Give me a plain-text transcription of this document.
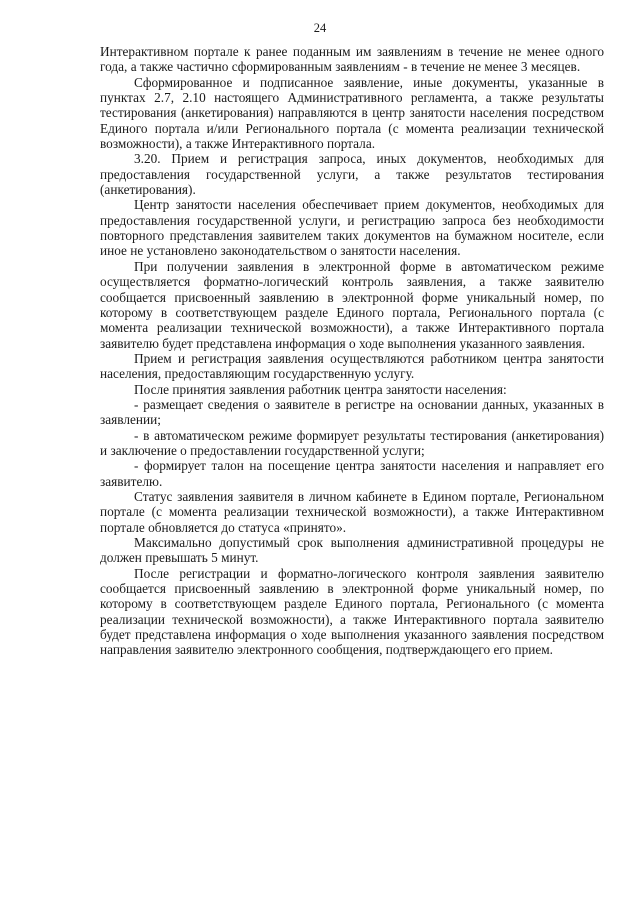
24

Интерактивном портале к ранее поданным им заявлениям в течение не менее одного года, а также частично сформированным заявлениям - в течение не менее 3 месяцев.

Сформированное и подписанное заявление, иные документы, указанные в пунктах 2.7, 2.10 настоящего Административного регламента, а также результаты тестирования (анкетирования) направляются в центр занятости населения посредством Единого портала и/или Регионального портала (с момента реализации технической возможности), а также Интерактивного портала.

3.20. Прием и регистрация запроса, иных документов, необходимых для предоставления государственной услуги, а также результатов тестирования (анкетирования).

Центр занятости населения обеспечивает прием документов, необходимых для предоставления государственной услуги, и регистрацию запроса без необходимости повторного представления заявителем таких документов на бумажном носителе, если иное не установлено законодательством о занятости населения.

При получении заявления в электронной форме в автоматическом режиме осуществляется форматно-логический контроль заявления, а также заявителю сообщается присвоенный заявлению в электронной форме уникальный номер, по которому в соответствующем разделе Единого портала, Регионального портала (с момента реализации технической возможности), а также Интерактивного портала заявителю будет представлена информация о ходе выполнения указанного заявления.

Прием и регистрация заявления осуществляются работником центра занятости населения, предоставляющим государственную услугу.

После принятия заявления работник центра занятости населения:

- размещает сведения о заявителе в регистре на основании данных, указанных в заявлении;

- в автоматическом режиме формирует результаты тестирования (анкетирования) и заключение о предоставлении государственной услуги;

- формирует талон на посещение центра занятости населения и направляет его заявителю.

Статус заявления заявителя в личном кабинете в Едином портале, Региональном портале (с момента реализации технической возможности), а также Интерактивном портале обновляется до статуса «принято».

Максимально допустимый срок выполнения административной процедуры не должен превышать 5 минут.

После регистрации и форматно-логического контроля заявления заявителю сообщается присвоенный заявлению в электронной форме уникальный номер, по которому в соответствующем разделе Единого портала, Регионального (с момента реализации технической возможности), а также Интерактивного портала заявителю будет представлена информация о ходе выполнения указанного заявления посредством направления заявителю электронного сообщения, подтверждающего его прием.
